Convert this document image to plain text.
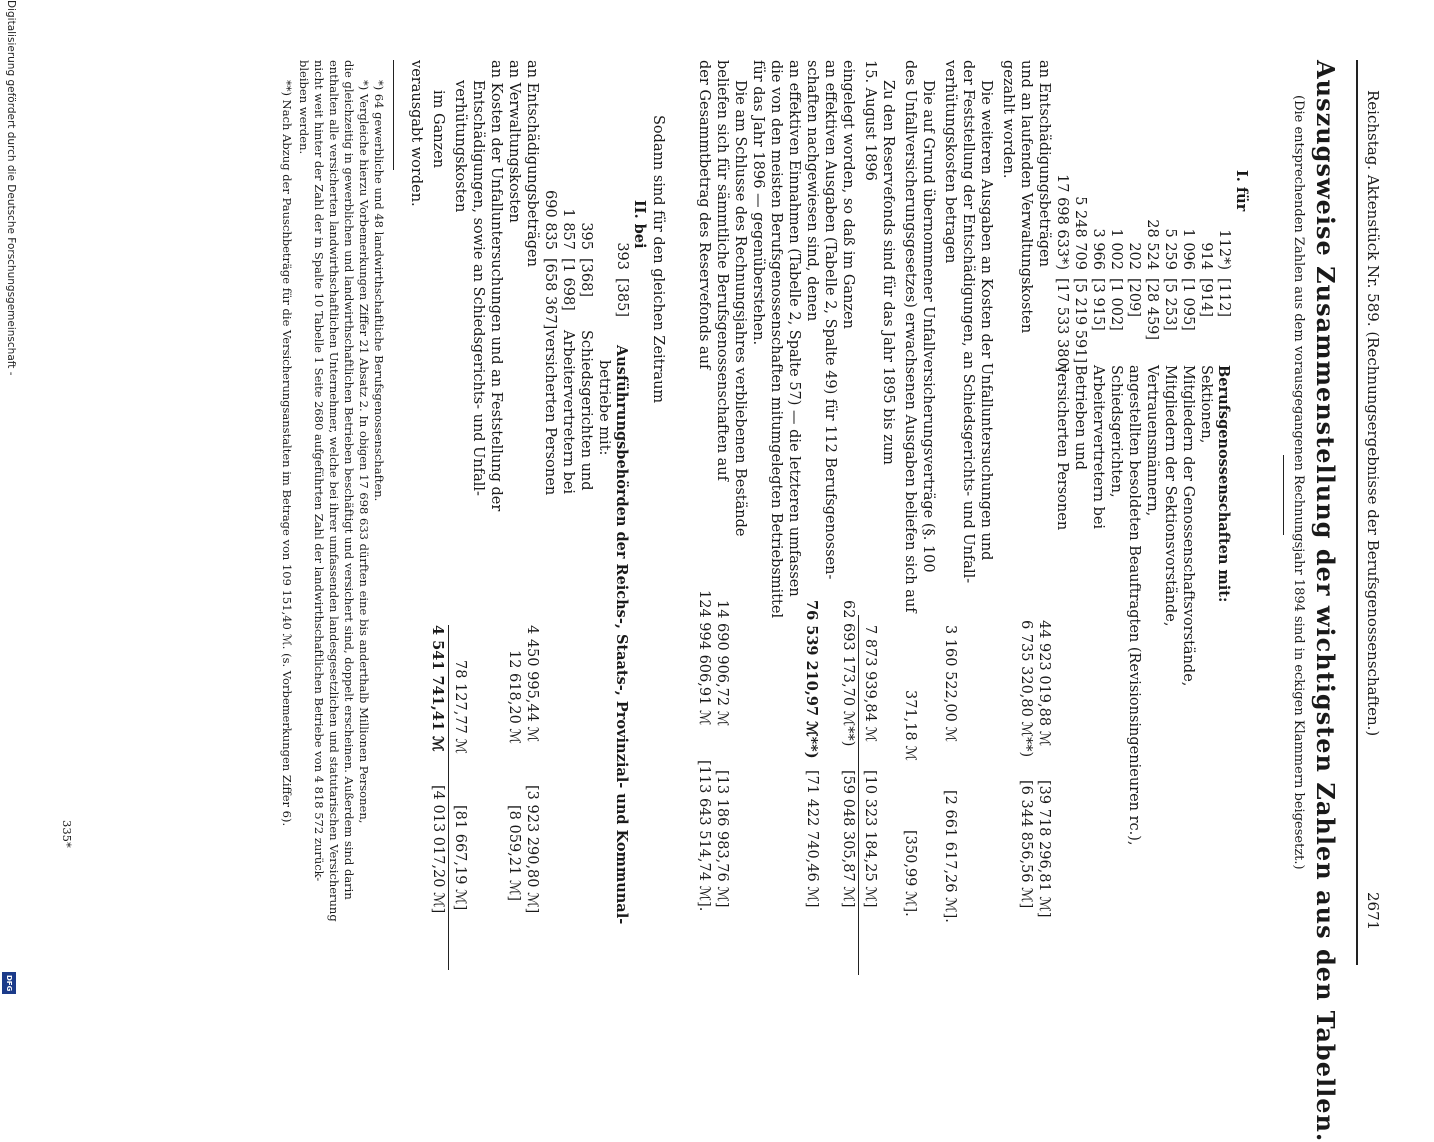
Reichstag. Aktenstück Nr. 589. (Rechnungsergebnisse der Berufsgenossenschaften.)
2671
Auszugsweise Zusammenstellung der wichtigsten Zahlen aus den Tabellen.
(Die entsprechenden Zahlen aus dem vorausgegangenen Rechnungsjahr 1894 sind in eckigen Klammern beigesetzt.)
I. für
112*)
[112]
Berufsgenossenschaften mit:
914
[914]
Sektionen,
1 096
[1 095]
Mitgliedern der Genossenschaftsvorstände,
5 259
[5 253]
Mitgliedern der Sektionsvorstände,
28 524
[28 459]
Vertrauensmännern,
202
[209]
angestellten besoldeten Beauftragten (Revisionsingenieuren rc.),
1 002
[1 002]
Schiedsgerichten,
3 966
[3 915]
Arbeitervertretern bei
5 248 709
[5 219 591]
Betrieben und
17 698 633*)
[17 533 380]
versicherten Personen
an Entschädigungsbeträgen
44 923 019,88 ℳ
[39 718 296,81 ℳ]
und an laufenden Verwaltungskosten
6 735 320,80 ℳ**)
[6 344 856,56 ℳ]
gezahlt worden.
Die weiteren Ausgaben an Kosten der Unfalluntersuchungen und
der Feststellung der Entschädigungen, an Schiedsgerichts- und Unfall-
verhütungskosten betragen
3 160 522,00 ℳ
[2 661 617,26 ℳ].
Die auf Grund übernommener Unfallversicherungsverträge (§. 100
des Unfallversicherungsgesetzes) erwachsenen Ausgaben beliefen sich auf
371,18 ℳ
[350,99 ℳ].
Zu den Reservefonds sind für das Jahr 1895 bis zum
15. August 1896
7 873 939,84 ℳ
[10 323 184,25 ℳ]
eingelegt worden, so daß im Ganzen
62 693 173,70 ℳ**)
[59 048 305,87 ℳ]
an effektiven Ausgaben (Tabelle 2, Spalte 49) für 112 Berufsgenossen-
schaften nachgewiesen sind, denen
76 539 210,97 ℳ**)
[71 422 740,46 ℳ]
an effektiven Einnahmen (Tabelle 2, Spalte 57) — die letzteren umfassen
die von den meisten Berufsgenossenschaften mitumgelegten Betriebsmittel
für das Jahr 1896 — gegenüberstehen.
Die am Schlusse des Rechnungsjahres verbliebenen Bestände
beliefen sich für sämmtliche Berufsgenossenschaften auf
14 690 906,72 ℳ
[13 186 983,76 ℳ]
der Gesammtbetrag des Reservefonds auf
124 994 606,91 ℳ
[113 643 514,74 ℳ].
Sodann sind für den gleichen Zeitraum
II. bei
393
[385]
Ausführungsbehörden der Reichs-, Staats-, Provinzial- und Kommunal-
betriebe mit:
395
[368]
Schiedsgerichten und
1 857
[1 698]
Arbeitervertretern bei
690 835
[658 367]
versicherten Personen
an Entschädigungsbeträgen
4 450 995,44 ℳ
[3 923 290,80 ℳ]
an Verwaltungskosten
12 618,20 ℳ
[8 059,21 ℳ]
an Kosten der Unfalluntersuchungen und an Feststellung der
Entschädigungen, sowie an Schiedsgerichts- und Unfall-
verhütungskosten
78 127,77 ℳ
[81 667,19 ℳ]
im Ganzen
4 541 741,41 ℳ
[4 013 017,20 ℳ]
verausgabt worden.
*) 64 gewerbliche und 48 landwirthschaftliche Berufsgenossenschaften.
*) Vergleiche hierzu Vorbemerkungen Ziffer 21 Absatz 2. In obigen 17 698 633 dürften eine bis anderthalb Millionen Personen,
die gleichzeitig in gewerblichen und landwirthschaftlichen Betrieben beschäftigt und versichert sind, doppelt erscheinen. Außerdem sind darin
enthalten alle versicherten landwirthschaftlichen Unternehmer, welche bei ihrer umfassenden landesgesetzlichen und statutarischen Versicherung
nicht weit hinter der Zahl der in Spalte 10 Tabelle 1 Seite 2680 aufgeführten Zahl der landwirthschaftlichen Betriebe von 4 818 572 zurück-
bleiben werden.
**) Nach Abzug der Pauschbeträge für die Versicherungsanstalten im Betrage von 109 151,40 ℳ. (s. Vorbemerkungen Ziffer 6).
335*
Digitalisierung gefördert durch die Deutsche Forschungsgemeinschaft -
DFG
